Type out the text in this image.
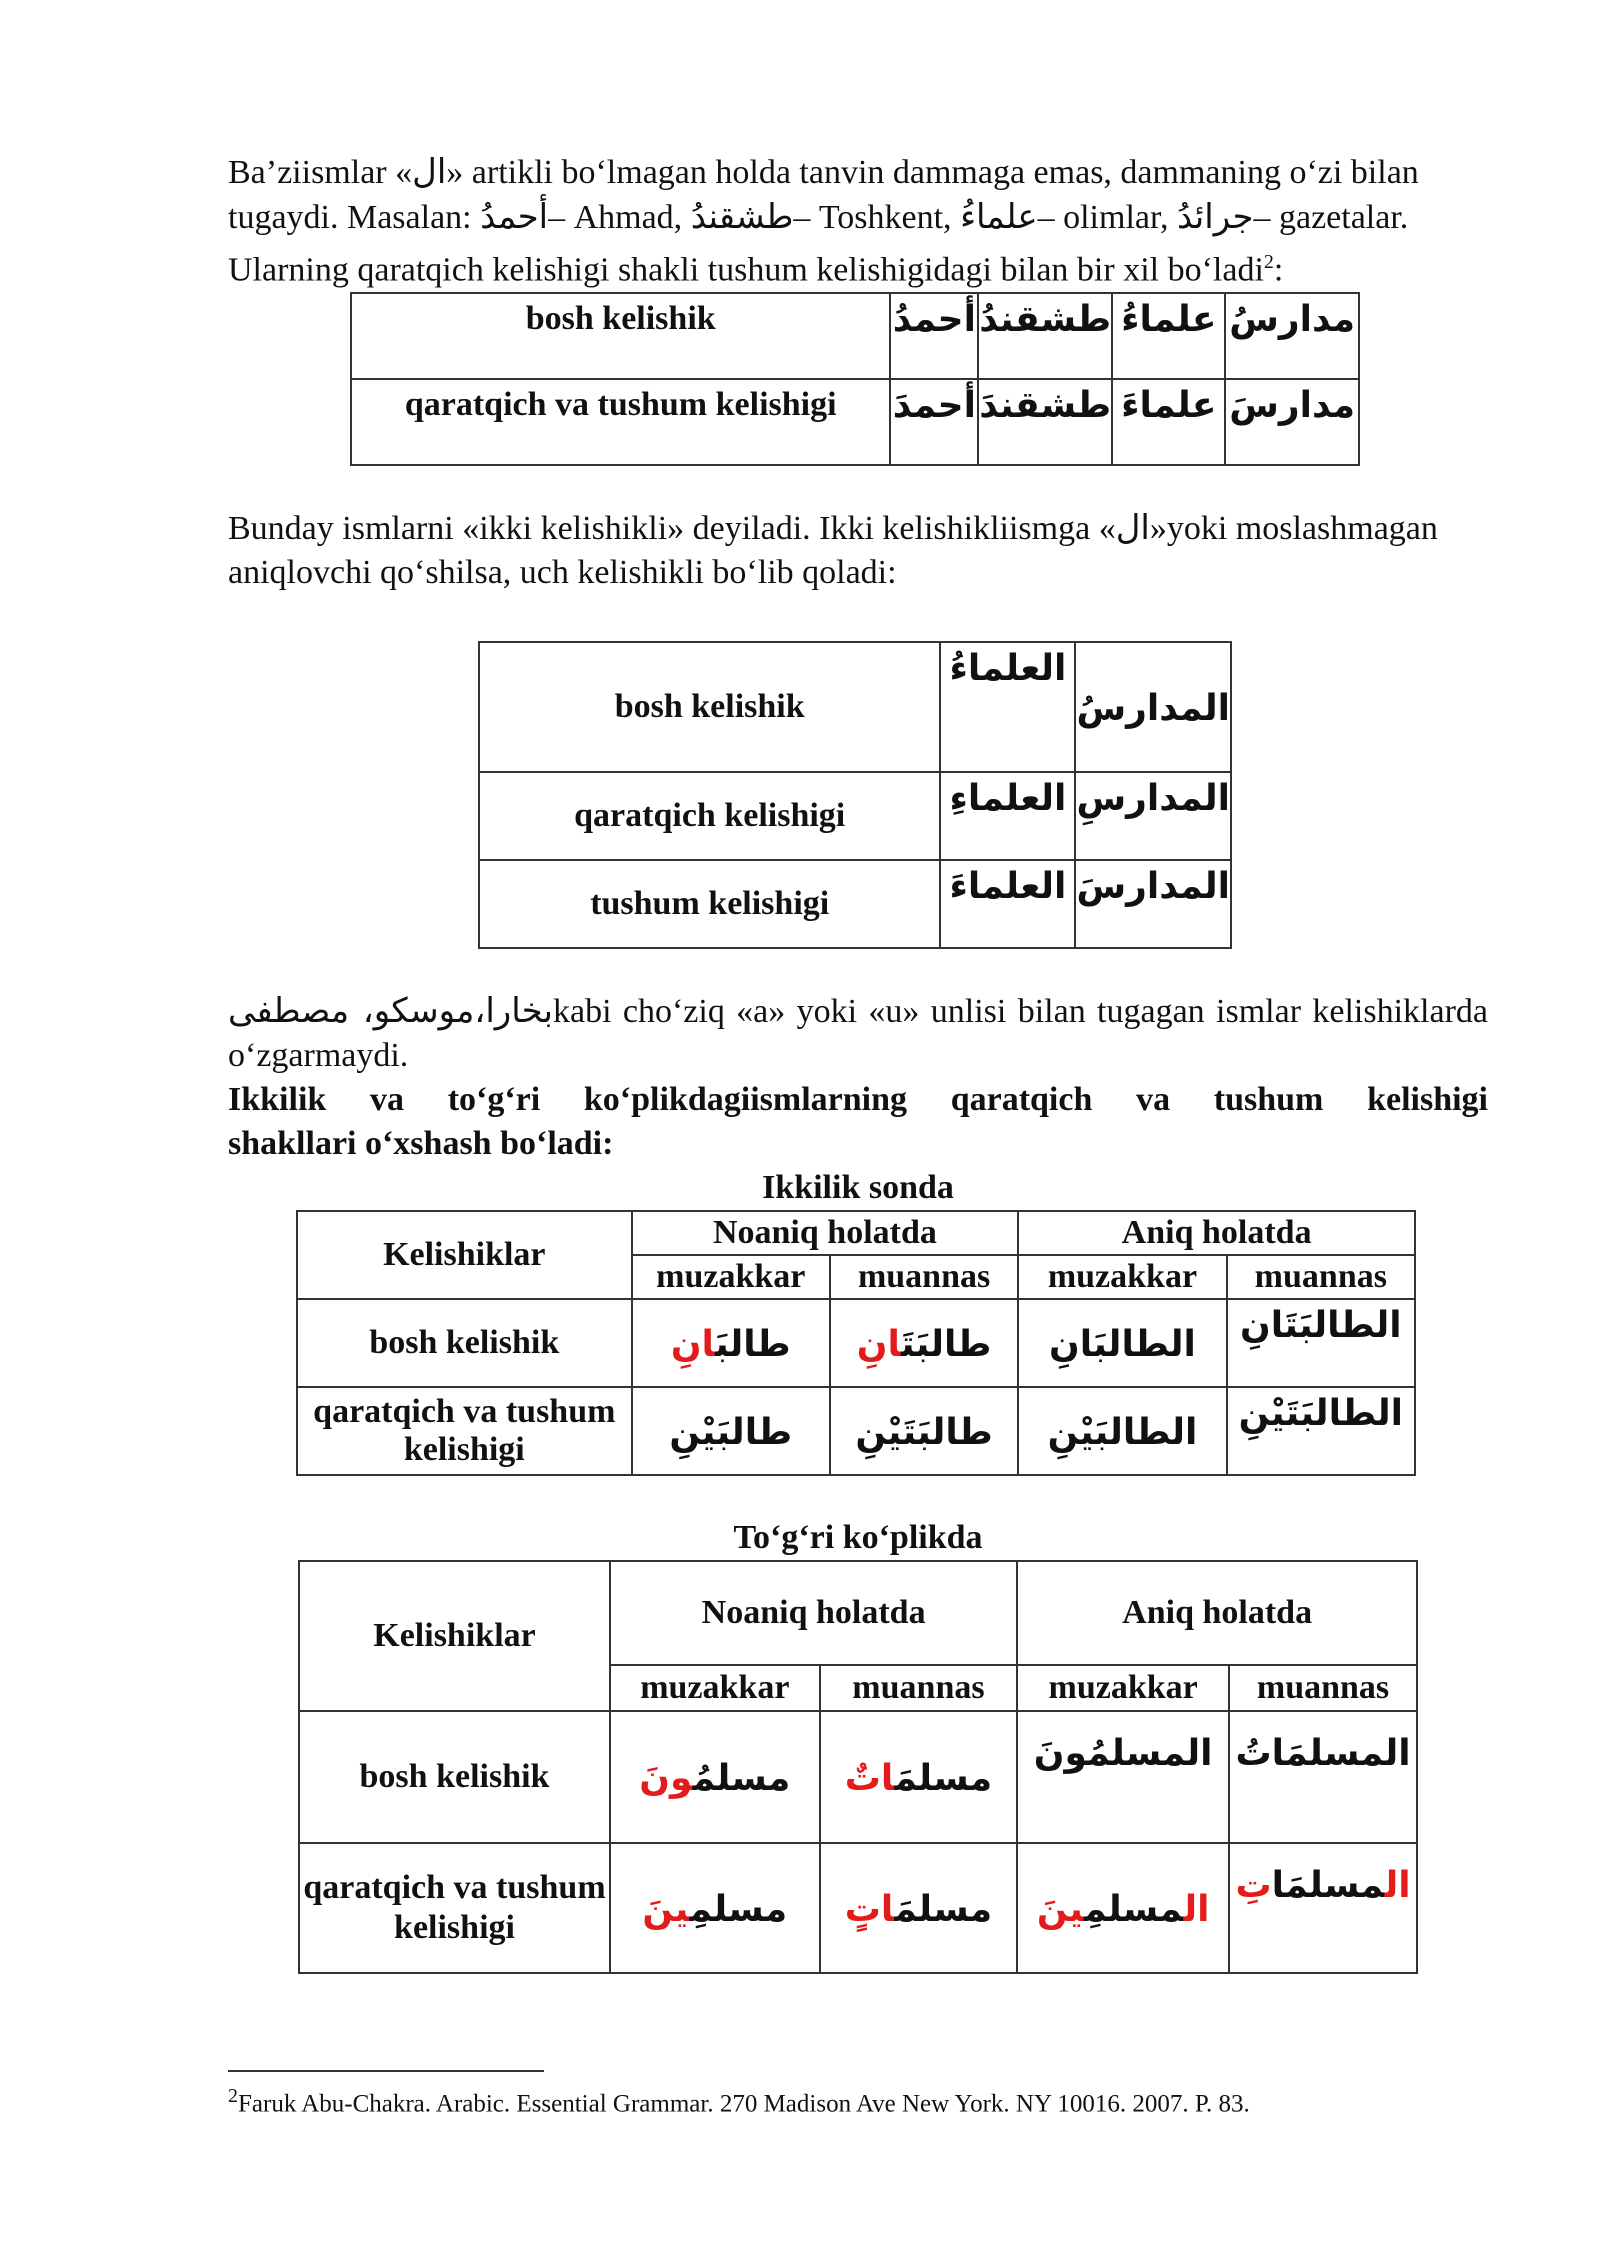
Ba’ziismlar «ال» artikli bo‘lmagan holda tanvin dammaga emas, dammaning o‘zi bilan tugaydi. Masalan: أحمدُ– Ahmad, طشقندُ– Toshkent, علماءُ– olimlar, جرائدُ– gazetalar. Ularning qaratqich kelishigi shakli tushum kelishigidagi bilan bir xil bo‘ladi$^2$:

bosh kelishik	أحمدُ	طشقندُ	علماءُ	مدارسُ
qaratqich va tushum kelishigi	أحمدَ	طشقندَ	علماءَ	مدارسَ

Bunday ismlarni «ikki kelishikli» deyiladi. Ikki kelishikliismga «ال»yoki moslashmagan aniqlovchi qo‘shilsa, uch kelishikli bo‘lib qoladi:

bosh kelishik	العلماءُ	المدارسُ
qaratqich kelishigi	العلماءِ	المدارسِ
tushum kelishigi	العلماءَ	المدارسَ

بخارا،موسكو، مصطفىkabi cho‘ziq «a» yoki «u» unlisi bilan tugagan ismlar kelishiklarda o‘zgarmaydi.

Ikkilik va to‘g‘ri ko‘plikdagiismlarning qaratqich va tushum kelishigi

shakllari o‘xshash bo‘ladi:

Ikkilik sonda
Kelishiklar	Noaniq holatda		Aniq holatda	
	muzakkar	muannas	muzakkar	muannas
bosh kelishik	طالبَانِ	طالبَتَانِ	الطالبَانِ	الطالبَتَانِ
qaratqich va tushum kelishigi	طالبَيْنِ	طالبَتَيْنِ	الطالبَيْنِ	الطالبَتَيْنِ
To‘g‘ri ko‘plikda
Kelishiklar	Noaniq holatda		Aniq holatda	
	muzakkar	muannas	muzakkar	muannas
bosh kelishik	مسلمُونَ	مسلمَاتٌ	المسلمُونَ	المسلمَاتُ
qaratqich va tushum kelishigi	مسلمِينَ	مسلمَاتٍ	المسلمِينَ	المسلمَاتِ
$^2$Faruk Abu-Chakra. Arabic. Essential Grammar. 270 Madison Ave New York. NY 10016. 2007. P. 83.
